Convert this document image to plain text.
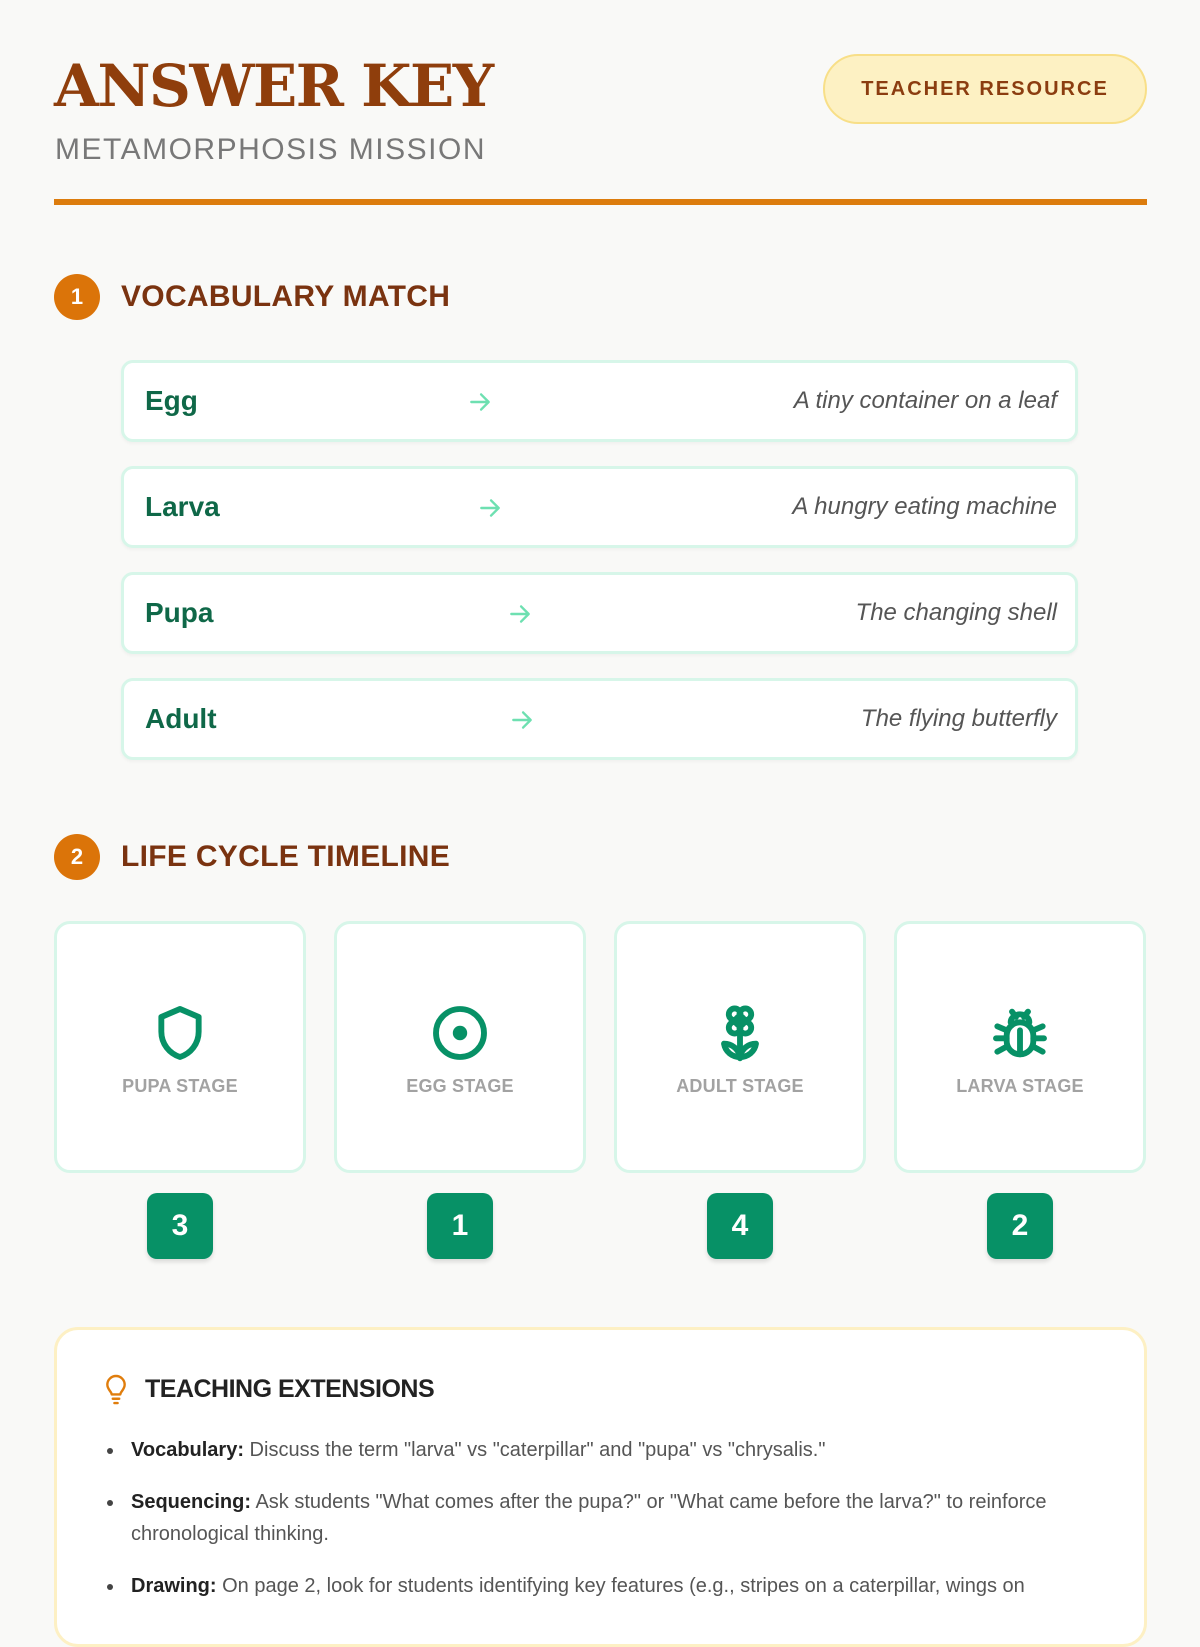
ANSWER KEY
METAMORPHOSIS MISSION
TEACHER RESOURCE
1	VOCABULARY MATCH
Egg	A tiny container on a leaf
Larva	A hungry eating machine
Pupa	The changing shell
Adult	The flying butterfly
2	LIFE CYCLE TIMELINE
PUPA STAGE	EGG STAGE	ADULT STAGE	LARVA STAGE
3	1	4	2
TEACHING EXTENSIONS
Vocabulary: Discuss the term "larva" vs "caterpillar" and "pupa" vs "chrysalis."
Sequencing: Ask students "What comes after the pupa?" or "What came before the larva?" to reinforce chronological thinking.
Drawing: On page 2, look for students identifying key features (e.g., stripes on a caterpillar, wings on
